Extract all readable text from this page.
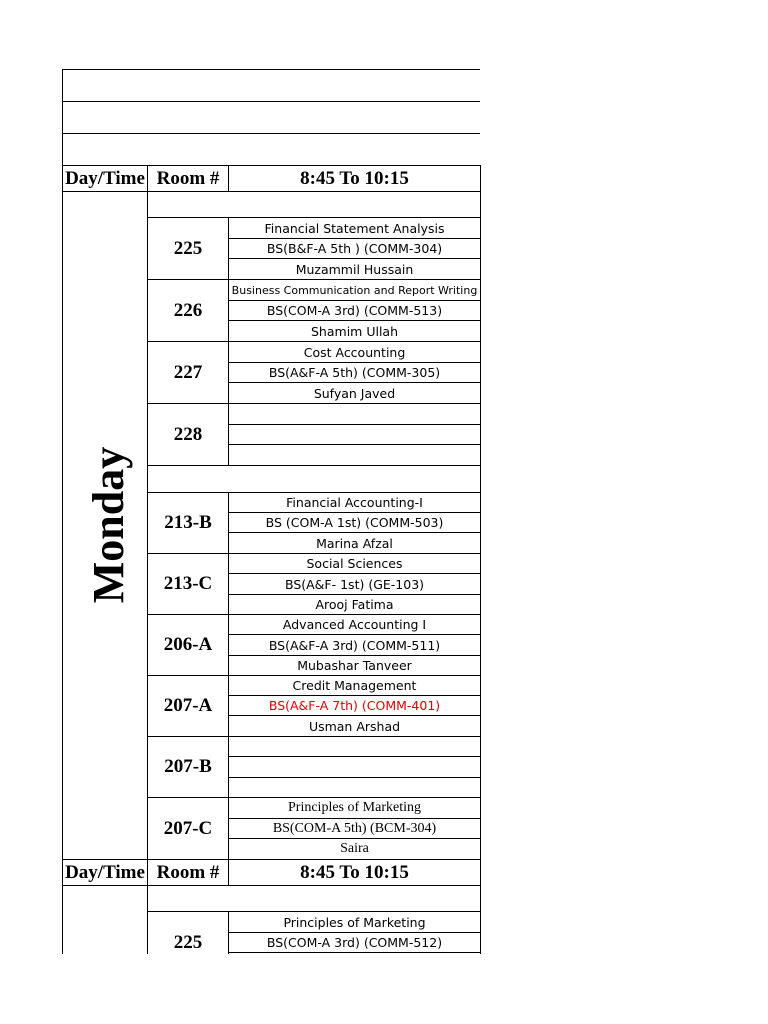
Day/Time Room #	8:45 To 10:15
Monday
225
Financial Statement Analysis
BS(B&F-A 5th ) (COMM-304)
Muzammil Hussain
226
Business Communication and Report Writing
BS(COM-A 3rd) (COMM-513)
Shamim Ullah
227
Cost Accounting
BS(A&F-A 5th) (COMM-305)
Sufyan Javed
228
213-B
Financial Accounting-I
BS (COM-A 1st) (COMM-503)
Marina Afzal
213-C
Social Sciences
BS(A&F- 1st) (GE-103)
Arooj Fatima
206-A
Advanced Accounting I
BS(A&F-A 3rd) (COMM-511)
Mubashar Tanveer
207-A
Credit Management
BS(A&F-A 7th) (COMM-401)
Usman Arshad
207-B
207-C
Principles of Marketing
BS(COM-A 5th) (BCM-304)
Saira
Day/Time Room #	8:45 To 10:15
225
Principles of Marketing
BS(COM-A 3rd) (COMM-512)
